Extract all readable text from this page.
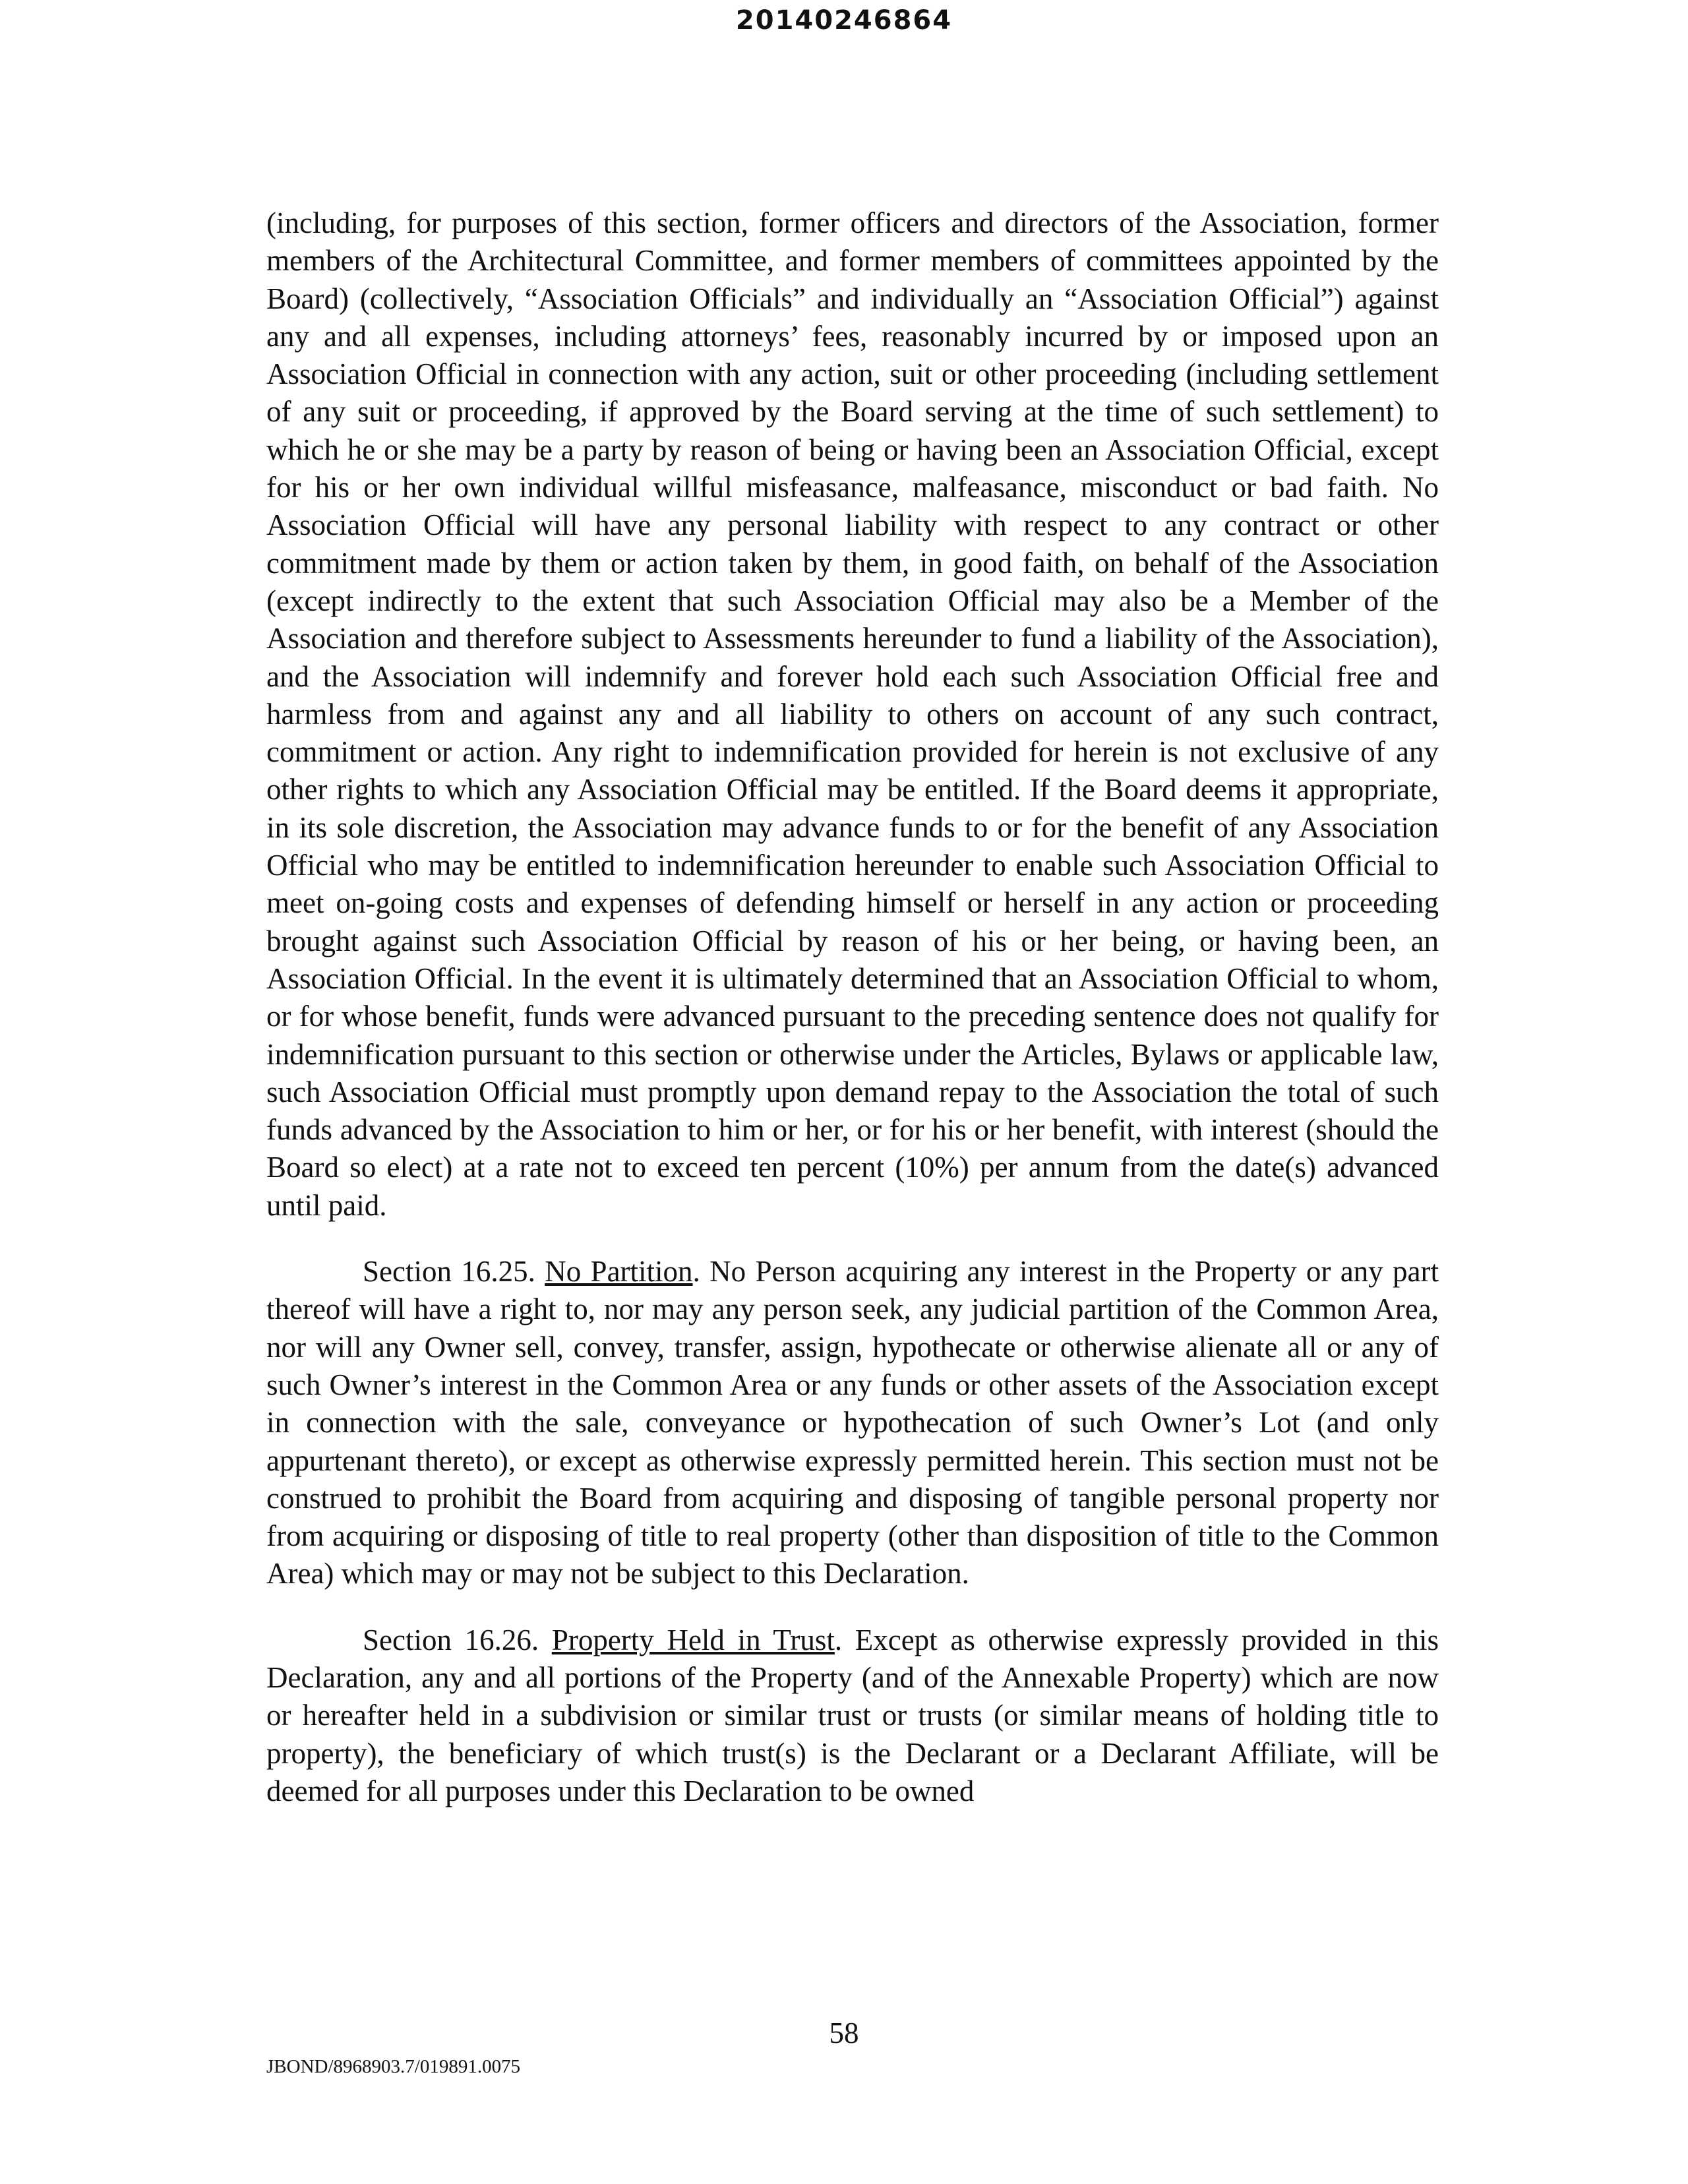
20140246864

(including, for purposes of this section, former officers and directors of the Association, former members of the Architectural Committee, and former members of committees appointed by the Board) (collectively, “Association Officials” and individually an “Association Official”) against any and all expenses, including attorneys’ fees, reasonably incurred by or imposed upon an Association Official in connection with any action, suit or other proceeding (including settlement of any suit or proceeding, if approved by the Board serving at the time of such settlement) to which he or she may be a party by reason of being or having been an Association Official, except for his or her own individual willful misfeasance, malfeasance, misconduct or bad faith. No Association Official will have any personal liability with respect to any contract or other commitment made by them or action taken by them, in good faith, on behalf of the Association (except indirectly to the extent that such Association Official may also be a Member of the Association and therefore subject to Assessments hereunder to fund a liability of the Association), and the Association will indemnify and forever hold each such Association Official free and harmless from and against any and all liability to others on account of any such contract, commitment or action. Any right to indemnification provided for herein is not exclusive of any other rights to which any Association Official may be entitled. If the Board deems it appropriate, in its sole discretion, the Association may advance funds to or for the benefit of any Association Official who may be entitled to indemnification hereunder to enable such Association Official to meet on-going costs and expenses of defending himself or herself in any action or proceeding brought against such Association Official by reason of his or her being, or having been, an Association Official. In the event it is ultimately determined that an Association Official to whom, or for whose benefit, funds were advanced pursuant to the preceding sentence does not qualify for indemnification pursuant to this section or otherwise under the Articles, Bylaws or applicable law, such Association Official must promptly upon demand repay to the Association the total of such funds advanced by the Association to him or her, or for his or her benefit, with interest (should the Board so elect) at a rate not to exceed ten percent (10%) per annum from the date(s) advanced until paid.

Section 16.25. No Partition. No Person acquiring any interest in the Property or any part thereof will have a right to, nor may any person seek, any judicial partition of the Common Area, nor will any Owner sell, convey, transfer, assign, hypothecate or otherwise alienate all or any of such Owner’s interest in the Common Area or any funds or other assets of the Association except in connection with the sale, conveyance or hypothecation of such Owner’s Lot (and only appurtenant thereto), or except as otherwise expressly permitted herein. This section must not be construed to prohibit the Board from acquiring and disposing of tangible personal property nor from acquiring or disposing of title to real property (other than disposition of title to the Common Area) which may or may not be subject to this Declaration.

Section 16.26. Property Held in Trust. Except as otherwise expressly provided in this Declaration, any and all portions of the Property (and of the Annexable Property) which are now or hereafter held in a subdivision or similar trust or trusts (or similar means of holding title to property), the beneficiary of which trust(s) is the Declarant or a Declarant Affiliate, will be deemed for all purposes under this Declaration to be owned

58
JBOND/8968903.7/019891.0075
